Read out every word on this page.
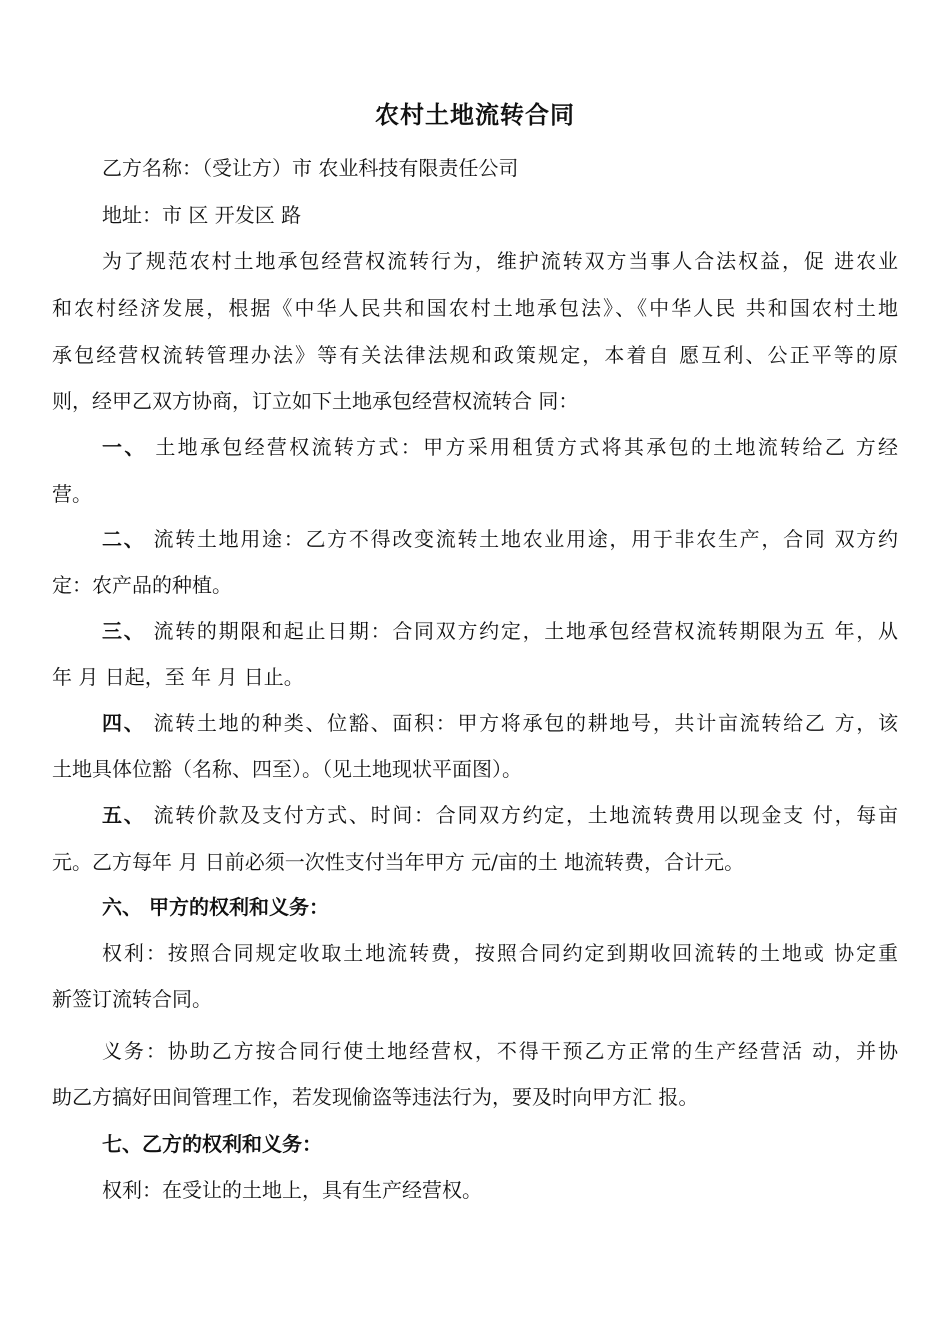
农村土地流转合同
乙方名称：（受让方）市 农业科技有限责任公司
地址：市 区 开发区 路
为了规范农村土地承包经营权流转行为，维护流转双方当事人合法权益，促 进农业
和农村经济发展，根据《中华人民共和国农村土地承包法》、《中华人民 共和国农村土地
承包经营权流转管理办法》等有关法律法规和政策规定，本着自 愿互利、公正平等的原
则，经甲乙双方协商，订立如下土地承包经营权流转合 同：
一、 土地承包经营权流转方式：甲方采用租赁方式将其承包的土地流转给乙 方经
营。
二、 流转土地用途：乙方不得改变流转土地农业用途，用于非农生产，合同 双方约
定：农产品的种植。
三、 流转的期限和起止日期：合同双方约定，土地承包经营权流转期限为五 年，从
年 月 日起，至 年 月 日止。
四、 流转土地的种类、位豁、面积：甲方将承包的耕地号，共计亩流转给乙 方，该
土地具体位豁（名称、四至）。（见土地现状平面图）。
五、 流转价款及支付方式、时间：合同双方约定，土地流转费用以现金支 付，每亩
元。乙方每年 月 日前必须一次性支付当年甲方 元/亩的土 地流转费，合计元。
六、 甲方的权利和义务：
权利：按照合同规定收取土地流转费，按照合同约定到期收回流转的土地或 协定重
新签订流转合同。
义务：协助乙方按合同行使土地经营权，不得干预乙方正常的生产经营活 动，并协
助乙方搞好田间管理工作，若发现偷盗等违法行为，要及时向甲方汇 报。
七、乙方的权利和义务：
权利：在受让的土地上，具有生产经营权。
